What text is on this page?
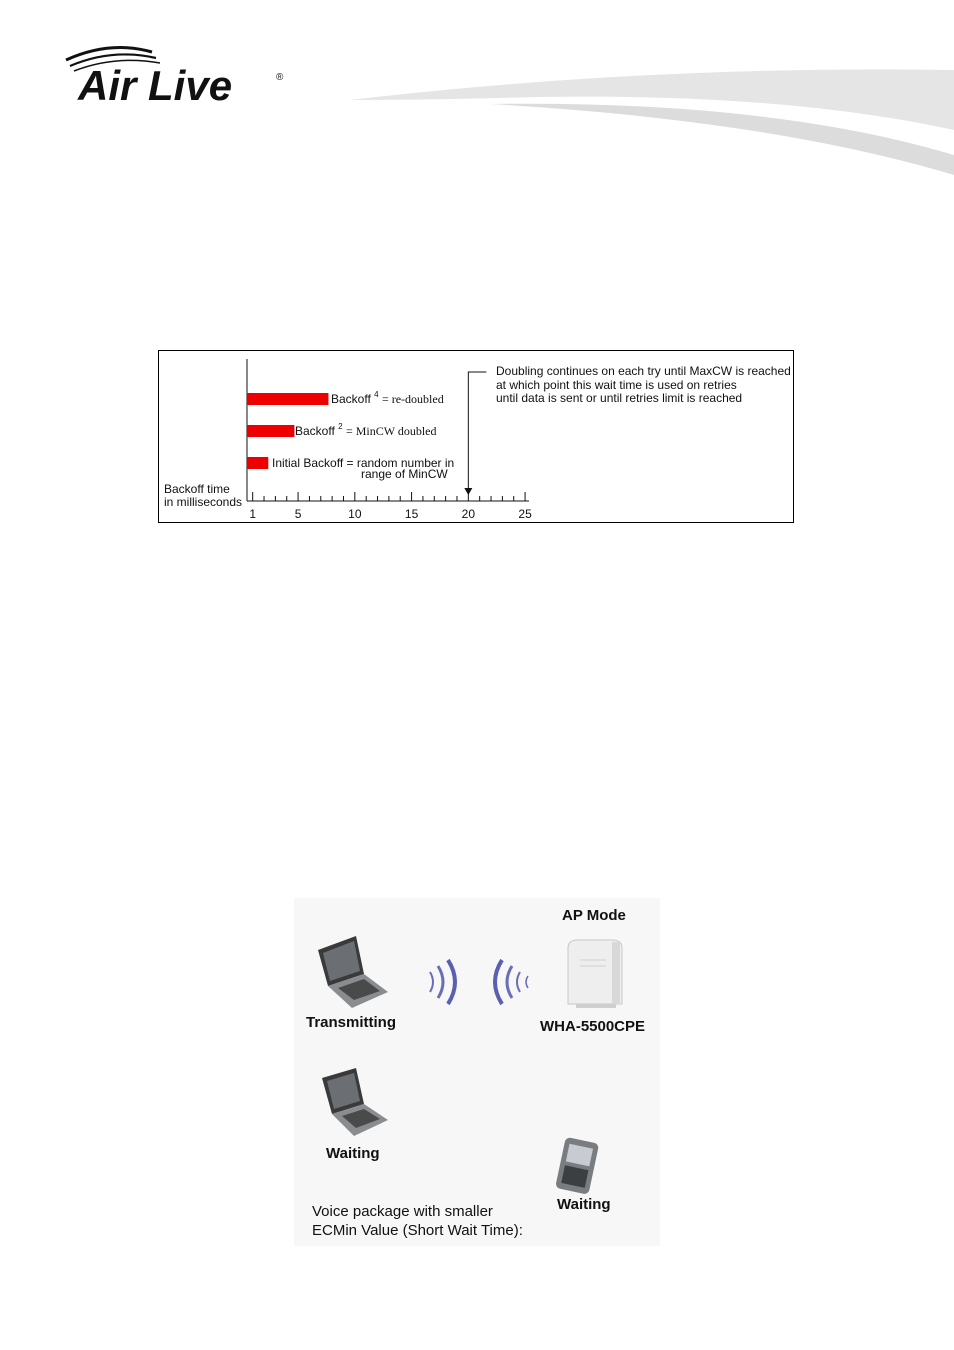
Air Live	®
1	5	10	15	20	25
Backoff $^4$ = re-doubled
Backoff $^2$ = MinCW doubled
Initial Backoff = random number in
range of MinCW
Backoff time
in milliseconds
Doubling continues on each try until MaxCW is reached
at which point this wait time is used on retries
until data is sent or until retries limit is reached
AP Mode
Transmitting	WHA-5500CPE
Waiting
Waiting
Voice package with smaller
ECMin Value (Short Wait Time):
